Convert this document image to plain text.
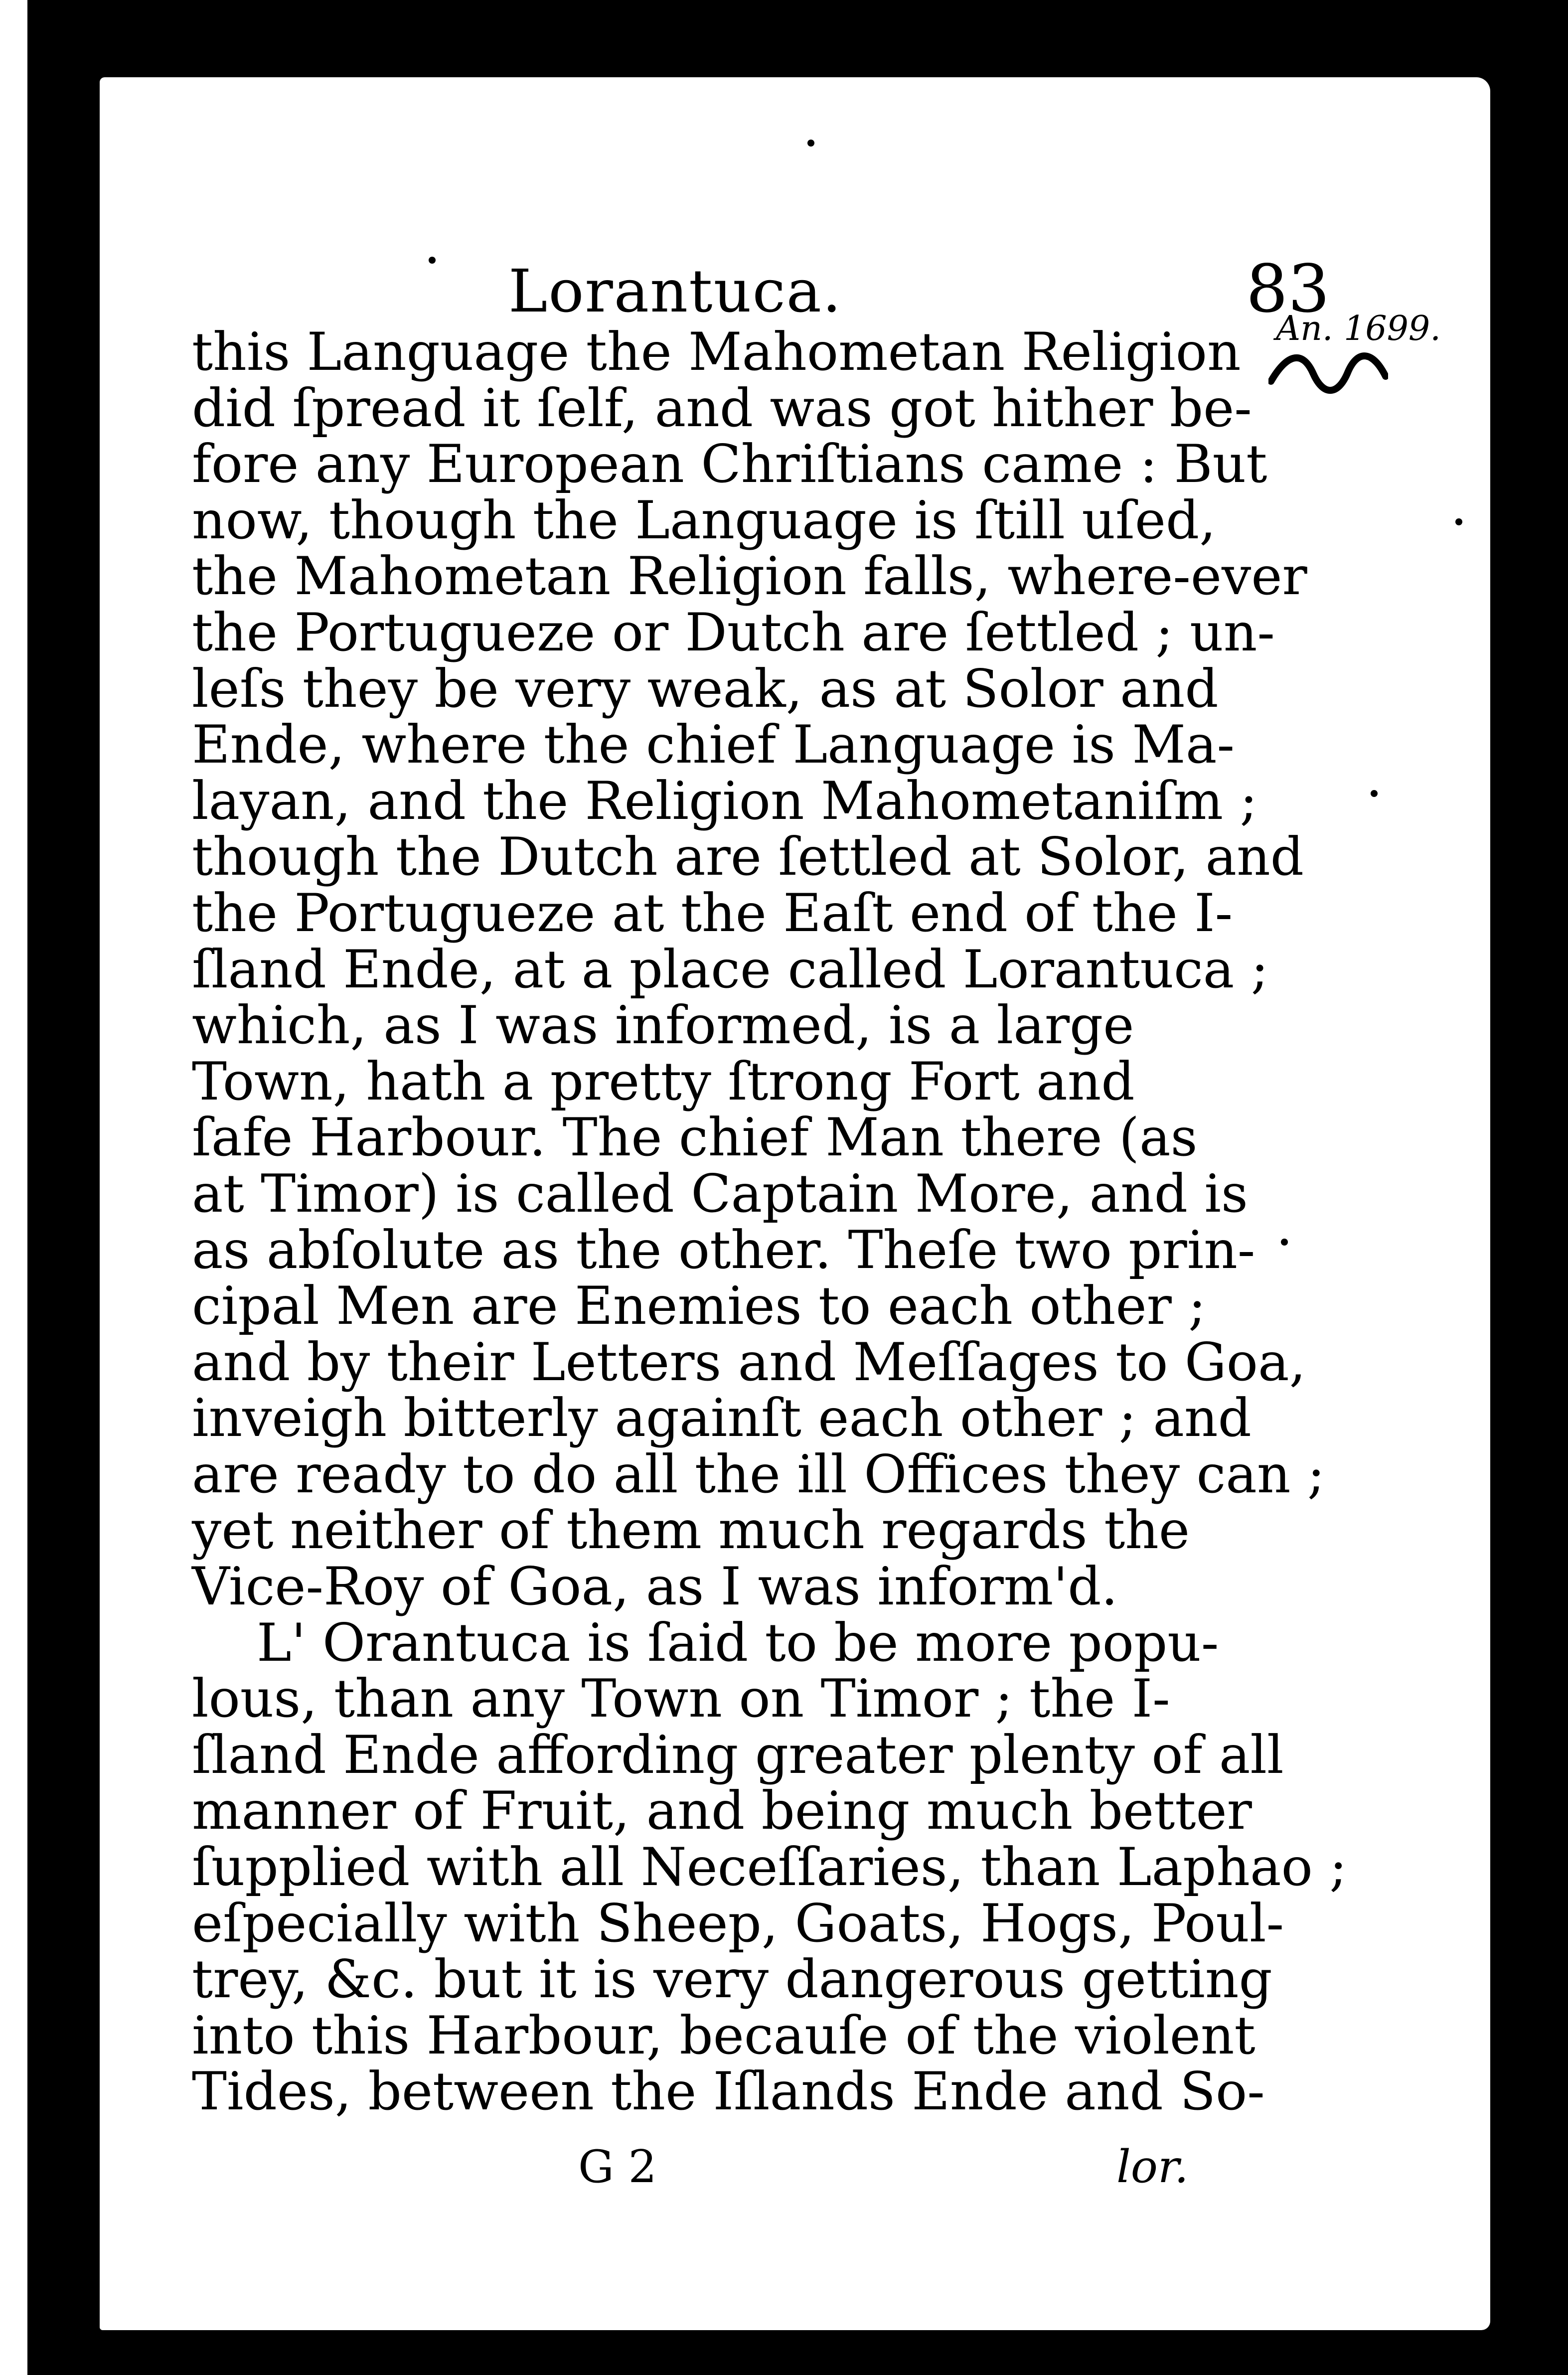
Lorantuca.	83
An. 1699.
this Language the Mahometan Religion
did ſpread it ſelf, and was got hither be-
fore any European Chriſtians came : But
now, though the Language is ſtill uſed,
the Mahometan Religion falls, where-ever
the Portugueze or Dutch are ſettled ; un-
leſs they be very weak, as at Solor and
Ende, where the chief Language is Ma-
layan, and the Religion Mahometaniſm ;
though the Dutch are ſettled at Solor, and
the Portugueze at the Eaſt end of the I-
ſland Ende, at a place called Lorantuca ;
which, as I was informed, is a large
Town, hath a pretty ſtrong Fort and
ſafe Harbour. The chief Man there (as
at Timor) is called Captain More, and is
as abſolute as the other. Theſe two prin-
cipal Men are Enemies to each other ;
and by their Letters and Meſſages to Goa,
inveigh bitterly againſt each other ; and
are ready to do all the ill Offices they can ;
yet neither of them much regards the
Vice-Roy of Goa, as I was inform'd.
L' Orantuca is ſaid to be more popu-
lous, than any Town on Timor ; the I-
ſland Ende affording greater plenty of all
manner of Fruit, and being much better
ſupplied with all Neceſſaries, than Laphao ;
eſpecially with Sheep, Goats, Hogs, Poul-
trey, &c. but it is very dangerous getting
into this Harbour, becauſe of the violent
Tides, between the Iſlands Ende and So-
G 2	lor.
